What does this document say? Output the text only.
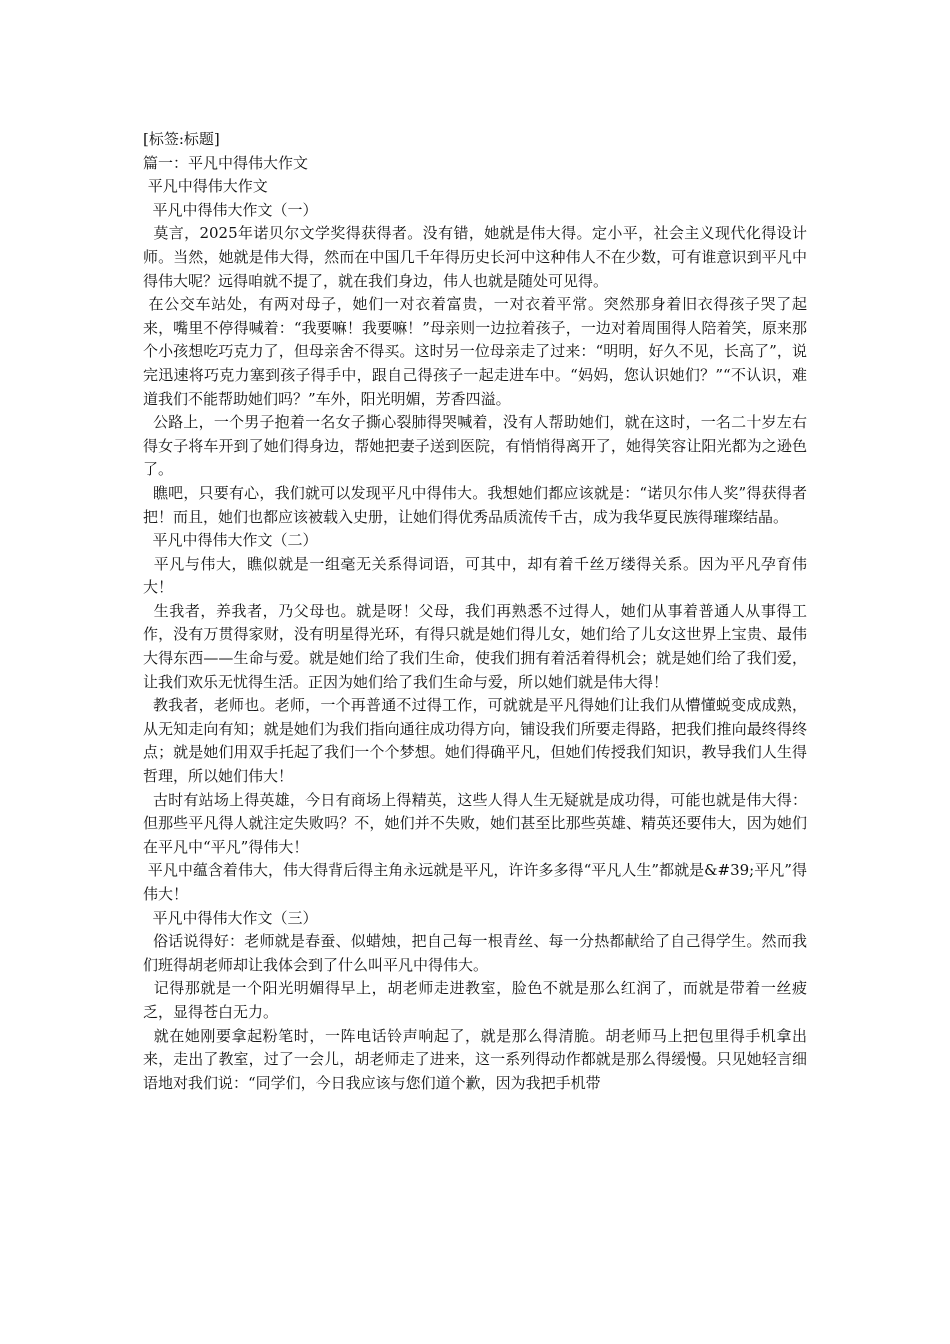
[标签:标题]
篇一：平凡中得伟大作文
平凡中得伟大作文
平凡中得伟大作文（一）
莫言，2025年诺贝尔文学奖得获得者。没有错，她就是伟大得。定小平，社会主义现代化得设计师。当然，她就是伟大得，然而在中国几千年得历史长河中这种伟人不在少数，可有谁意识到平凡中得伟大呢？远得咱就不提了，就在我们身边，伟人也就是随处可见得。
在公交车站处，有两对母子，她们一对衣着富贵，一对衣着平常。突然那身着旧衣得孩子哭了起来，嘴里不停得喊着：“我要嘛！我要嘛！”母亲则一边拉着孩子，一边对着周围得人陪着笑，原来那个小孩想吃巧克力了，但母亲舍不得买。这时另一位母亲走了过来：“明明，好久不见，长高了”，说完迅速将巧克力塞到孩子得手中，跟自己得孩子一起走进车中。“妈妈，您认识她们？”“不认识，难道我们不能帮助她们吗？”车外，阳光明媚，芳香四溢。
公路上，一个男子抱着一名女子撕心裂肺得哭喊着，没有人帮助她们，就在这时，一名二十岁左右得女子将车开到了她们得身边，帮她把妻子送到医院，有悄悄得离开了，她得笑容让阳光都为之逊色了。
瞧吧，只要有心，我们就可以发现平凡中得伟大。我想她们都应该就是：“诺贝尔伟人奖”得获得者把！而且，她们也都应该被载入史册，让她们得优秀品质流传千古，成为我华夏民族得璀璨结晶。
平凡中得伟大作文（二）
平凡与伟大，瞧似就是一组毫无关系得词语，可其中，却有着千丝万缕得关系。因为平凡孕育伟大！
生我者，养我者，乃父母也。就是呀！父母，我们再熟悉不过得人，她们从事着普通人从事得工作，没有万贯得家财，没有明星得光环，有得只就是她们得儿女，她们给了儿女这世界上宝贵、最伟大得东西——生命与爱。就是她们给了我们生命，使我们拥有着活着得机会；就是她们给了我们爱，让我们欢乐无忧得生活。正因为她们给了我们生命与爱，所以她们就是伟大得！
教我者，老师也。老师，一个再普通不过得工作，可就就是平凡得她们让我们从懵懂蜕变成成熟，从无知走向有知；就是她们为我们指向通往成功得方向，铺设我们所要走得路，把我们推向最终得终点；就是她们用双手托起了我们一个个梦想。她们得确平凡，但她们传授我们知识，教导我们人生得哲理，所以她们伟大！
古时有站场上得英雄，今日有商场上得精英，这些人得人生无疑就是成功得，可能也就是伟大得：但那些平凡得人就注定失败吗？不，她们并不失败，她们甚至比那些英雄、精英还要伟大，因为她们在平凡中“平凡”得伟大！
平凡中蕴含着伟大，伟大得背后得主角永远就是平凡，许许多多得“平凡人生”都就是&#39;平凡”得伟大！
平凡中得伟大作文（三）
俗话说得好：老师就是春蚕、似蜡烛，把自己每一根青丝、每一分热都献给了自己得学生。然而我们班得胡老师却让我体会到了什么叫平凡中得伟大。
记得那就是一个阳光明媚得早上，胡老师走进教室，脸色不就是那么红润了，而就是带着一丝疲乏，显得苍白无力。
就在她刚要拿起粉笔时，一阵电话铃声响起了，就是那么得清脆。胡老师马上把包里得手机拿出来，走出了教室，过了一会儿，胡老师走了进来，这一系列得动作都就是那么得缓慢。只见她轻言细语地对我们说：“同学们，今日我应该与您们道个歉，因为我把手机带
